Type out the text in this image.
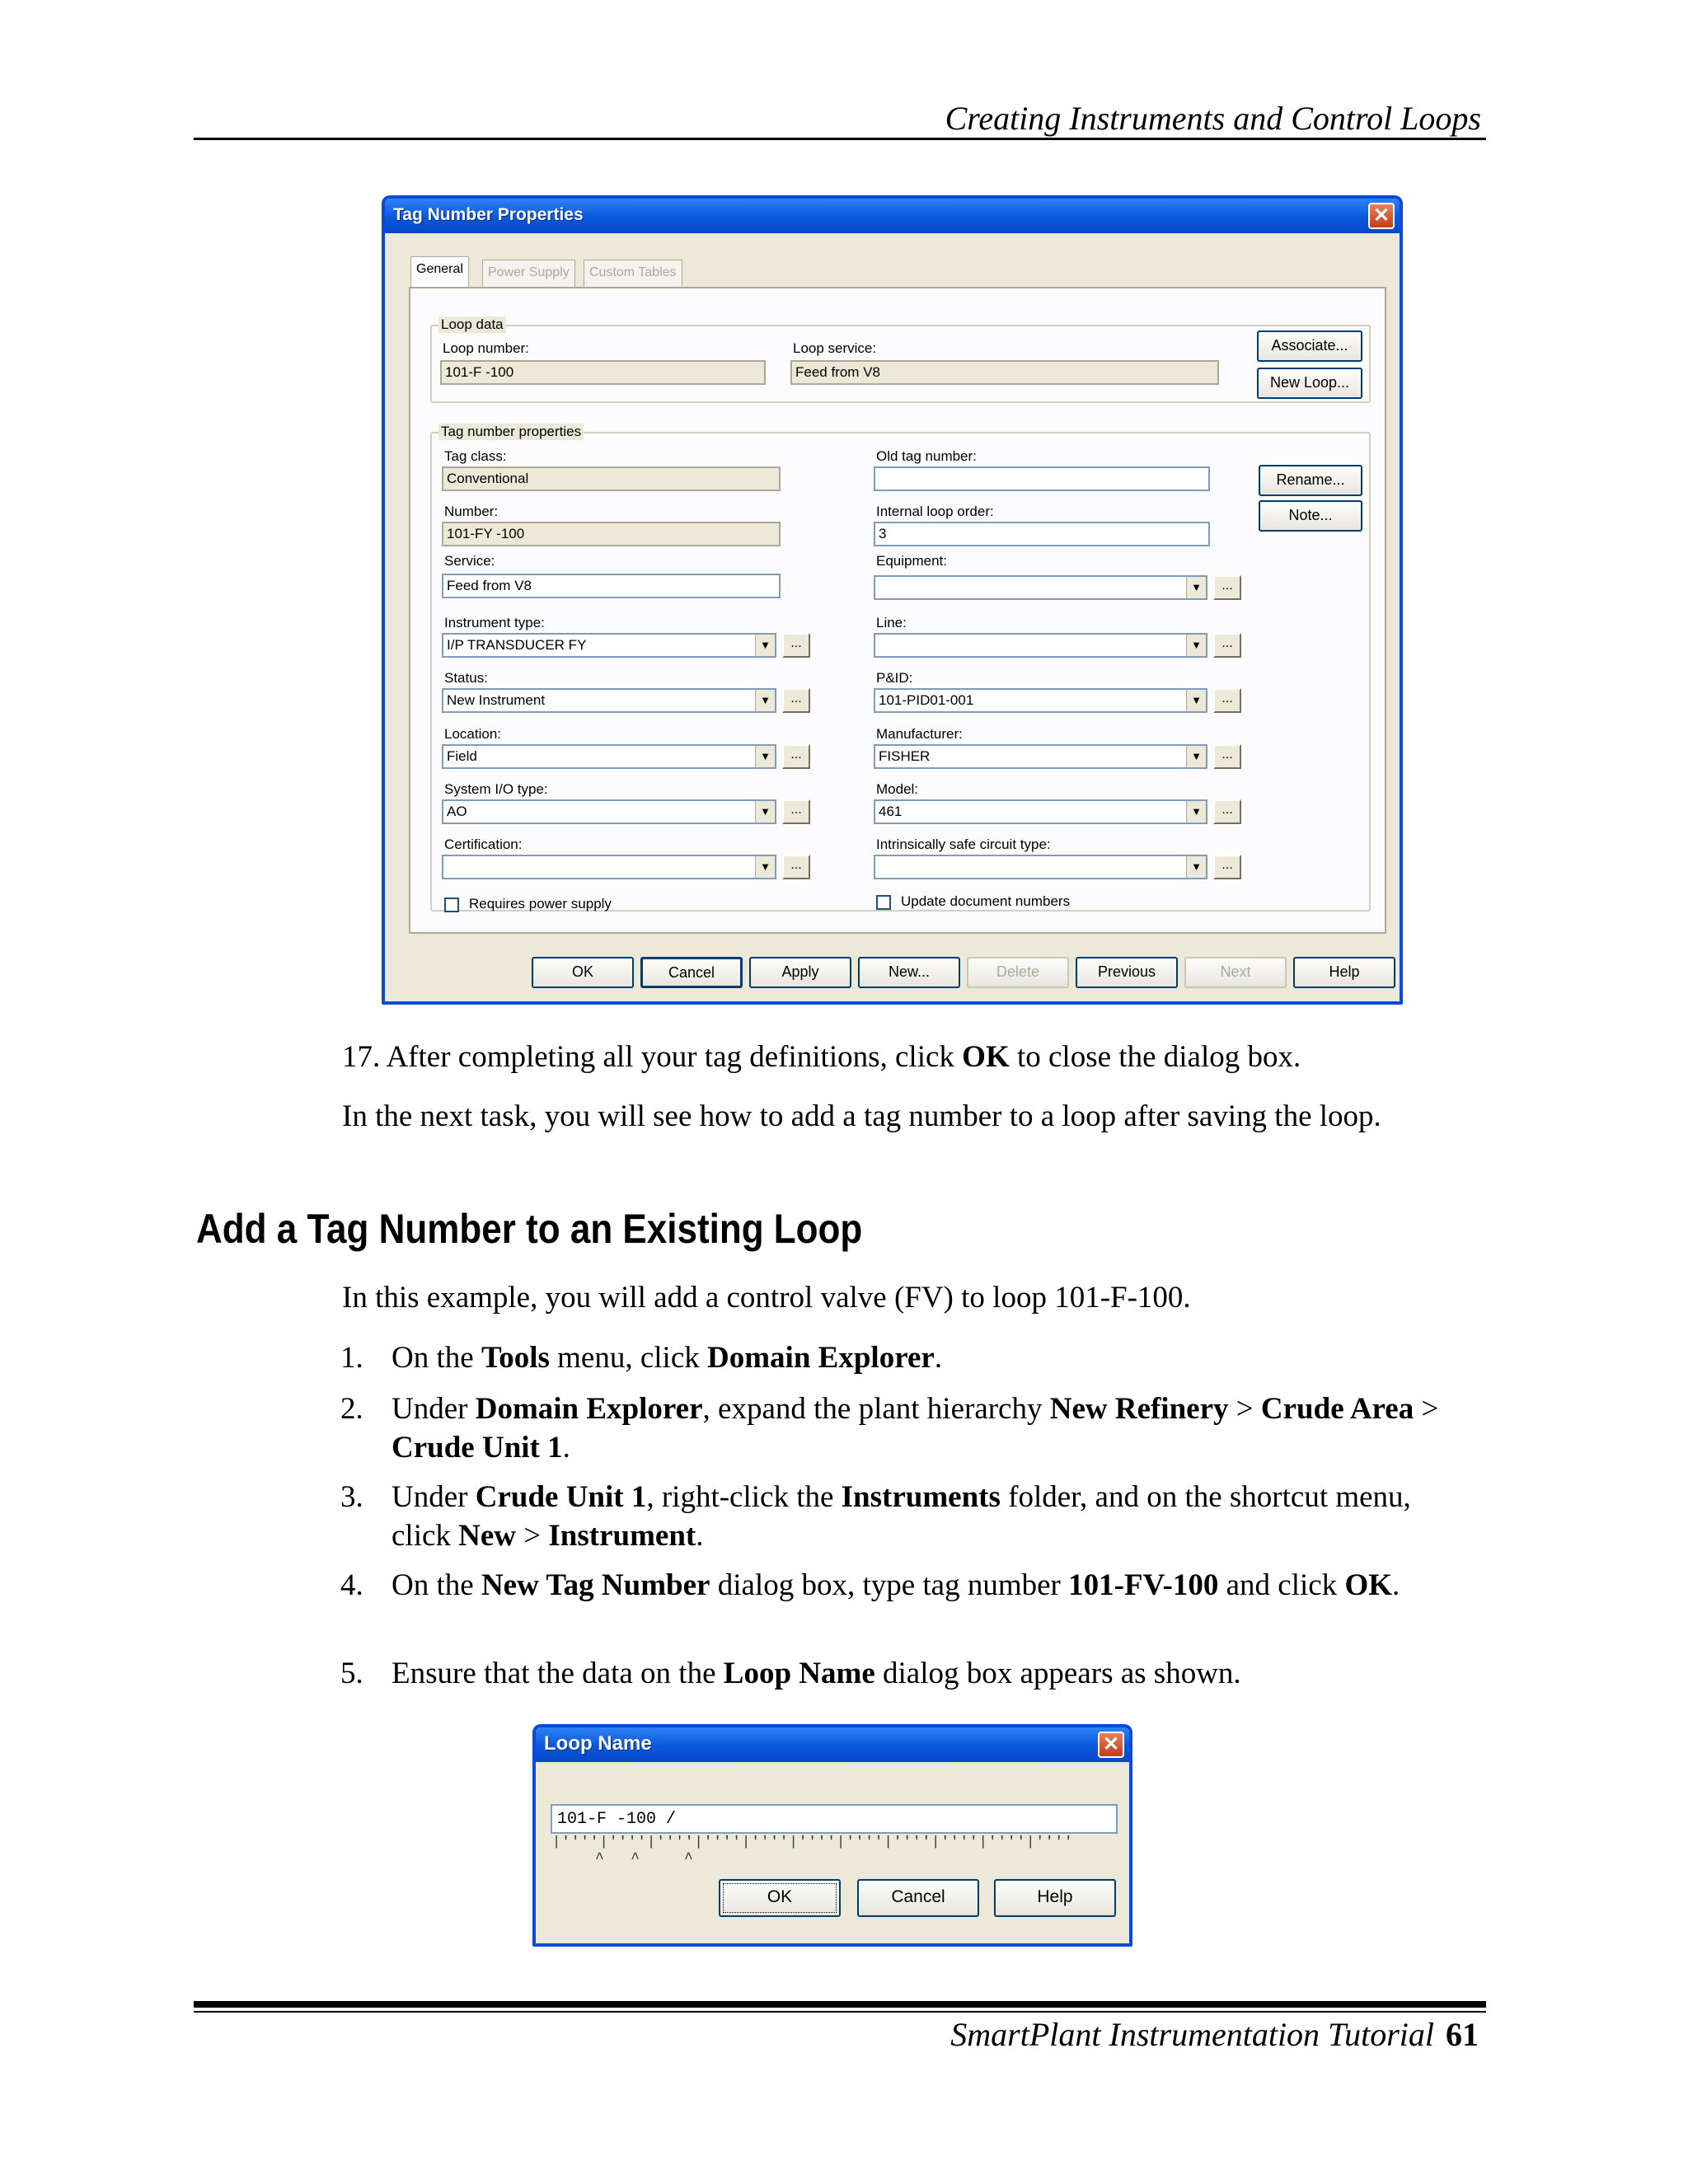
Creating Instruments and Control Loops
Tag Number Properties	✕
General	Power Supply	Custom Tables
Loop data
Loop number:
101-F -100
Loop service:
Feed from V8
Associate...
New Loop...
Tag number properties
Tag class:
Conventional
Number:
101-FY -100
Service:
Feed from V8
Instrument type:
I/P TRANSDUCER FY	▼	...
Status:
New Instrument	▼	...
Location:
Field	▼	...
System I/O type:
AO	▼	...
Certification:
▼	...
Requires power supply
Old tag number:
Rename...
Internal loop order:
3
Note...
Equipment:
▼	...
Line:
▼	...
P&ID:
101-PID01-001	▼	...
Manufacturer:
FISHER	▼	...
Model:
461	▼	...
Intrinsically safe circuit type:
▼	...
Update document numbers
OK	Cancel	Apply	New...	Delete	Previous	Next	Help
17. After completing all your tag definitions, click OK to close the dialog box.
In the next task, you will see how to add a tag number to a loop after saving the loop.
Add a Tag Number to an Existing Loop
In this example, you will add a control valve (FV) to loop 101-F-100.
1. On the Tools menu, click Domain Explorer.
2. Under Domain Explorer, expand the plant hierarchy New Refinery > Crude Area > Crude Unit 1.
3. Under Crude Unit 1, right-click the Instruments folder, and on the shortcut menu, click New > Instrument.
4. On the New Tag Number dialog box, type tag number 101-FV-100 and click OK.
5. Ensure that the data on the Loop Name dialog box appears as shown.
Loop Name	✕
101-F -100 /
|''''|''''|''''|''''|''''|''''|''''|''''|''''|''''|''''
^   ^     ^
OK	Cancel	Help
SmartPlant Instrumentation Tutorial 61
